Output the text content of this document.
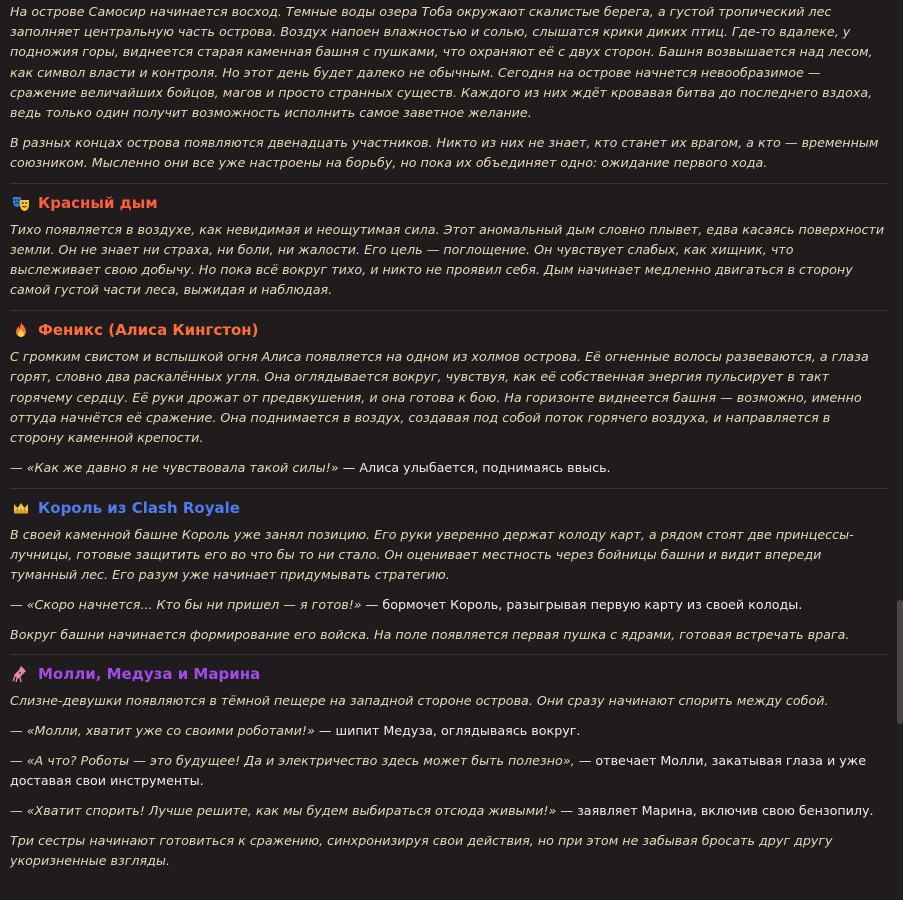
На острове Самосир начинается восход. Темные воды озера Тоба окружают скалистые берега, а густой тропический лес заполняет центральную часть острова. Воздух напоен влажностью и солью, слышатся крики диких птиц. Где-то вдалеке, у подножия горы, виднеется старая каменная башня с пушками, что охраняют её с двух сторон. Башня возвышается над лесом, как символ власти и контроля. Но этот день будет далеко не обычным. Сегодня на острове начнется невообразимое — сражение величайших бойцов, магов и просто странных существ. Каждого из них ждёт кровавая битва до последнего вздоха, ведь только один получит возможность исполнить самое заветное желание.

В разных концах острова появляются двенадцать участников. Никто из них не знает, кто станет их врагом, а кто — временным союзником. Мысленно они все уже настроены на борьбу, но пока их объединяет одно: ожидание первого хода.

Красный дым

Тихо появляется в воздухе, как невидимая и неощутимая сила. Этот аномальный дым словно плывет, едва касаясь поверхности земли. Он не знает ни страха, ни боли, ни жалости. Его цель — поглощение. Он чувствует слабых, как хищник, что выслеживает свою добычу. Но пока всё вокруг тихо, и никто не проявил себя. Дым начинает медленно двигаться в сторону самой густой части леса, выжидая и наблюдая.

Феникс (Алиса Кингстон)

С громким свистом и вспышкой огня Алиса появляется на одном из холмов острова. Её огненные волосы развеваются, а глаза горят, словно два раскалённых угля. Она оглядывается вокруг, чувствуя, как её собственная энергия пульсирует в такт горячему сердцу. Её руки дрожат от предвкушения, и она готова к бою. На горизонте виднеется башня — возможно, именно оттуда начнётся её сражение. Она поднимается в воздух, создавая под собой поток горячего воздуха, и направляется в сторону каменной крепости.

— «Как же давно я не чувствовала такой силы!» — Алиса улыбается, поднимаясь ввысь.

Король из Clash Royale

В своей каменной башне Король уже занял позицию. Его руки уверенно держат колоду карт, а рядом стоят две принцессы-лучницы, готовые защитить его во что бы то ни стало. Он оценивает местность через бойницы башни и видит впереди туманный лес. Его разум уже начинает придумывать стратегию.

— «Скоро начнется... Кто бы ни пришел — я готов!» — бормочет Король, разыгрывая первую карту из своей колоды.

Вокруг башни начинается формирование его войска. На поле появляется первая пушка с ядрами, готовая встречать врага.

Молли, Медуза и Марина

Слизне-девушки появляются в тёмной пещере на западной стороне острова. Они сразу начинают спорить между собой.

— «Молли, хватит уже со своими роботами!» — шипит Медуза, оглядываясь вокруг.

— «А что? Роботы — это будущее! Да и электричество здесь может быть полезно», — отвечает Молли, закатывая глаза и уже доставая свои инструменты.

— «Хватит спорить! Лучше решите, как мы будем выбираться отсюда живыми!» — заявляет Марина, включив свою бензопилу.

Три сестры начинают готовиться к сражению, синхронизируя свои действия, но при этом не забывая бросать друг другу укоризненные взгляды.
